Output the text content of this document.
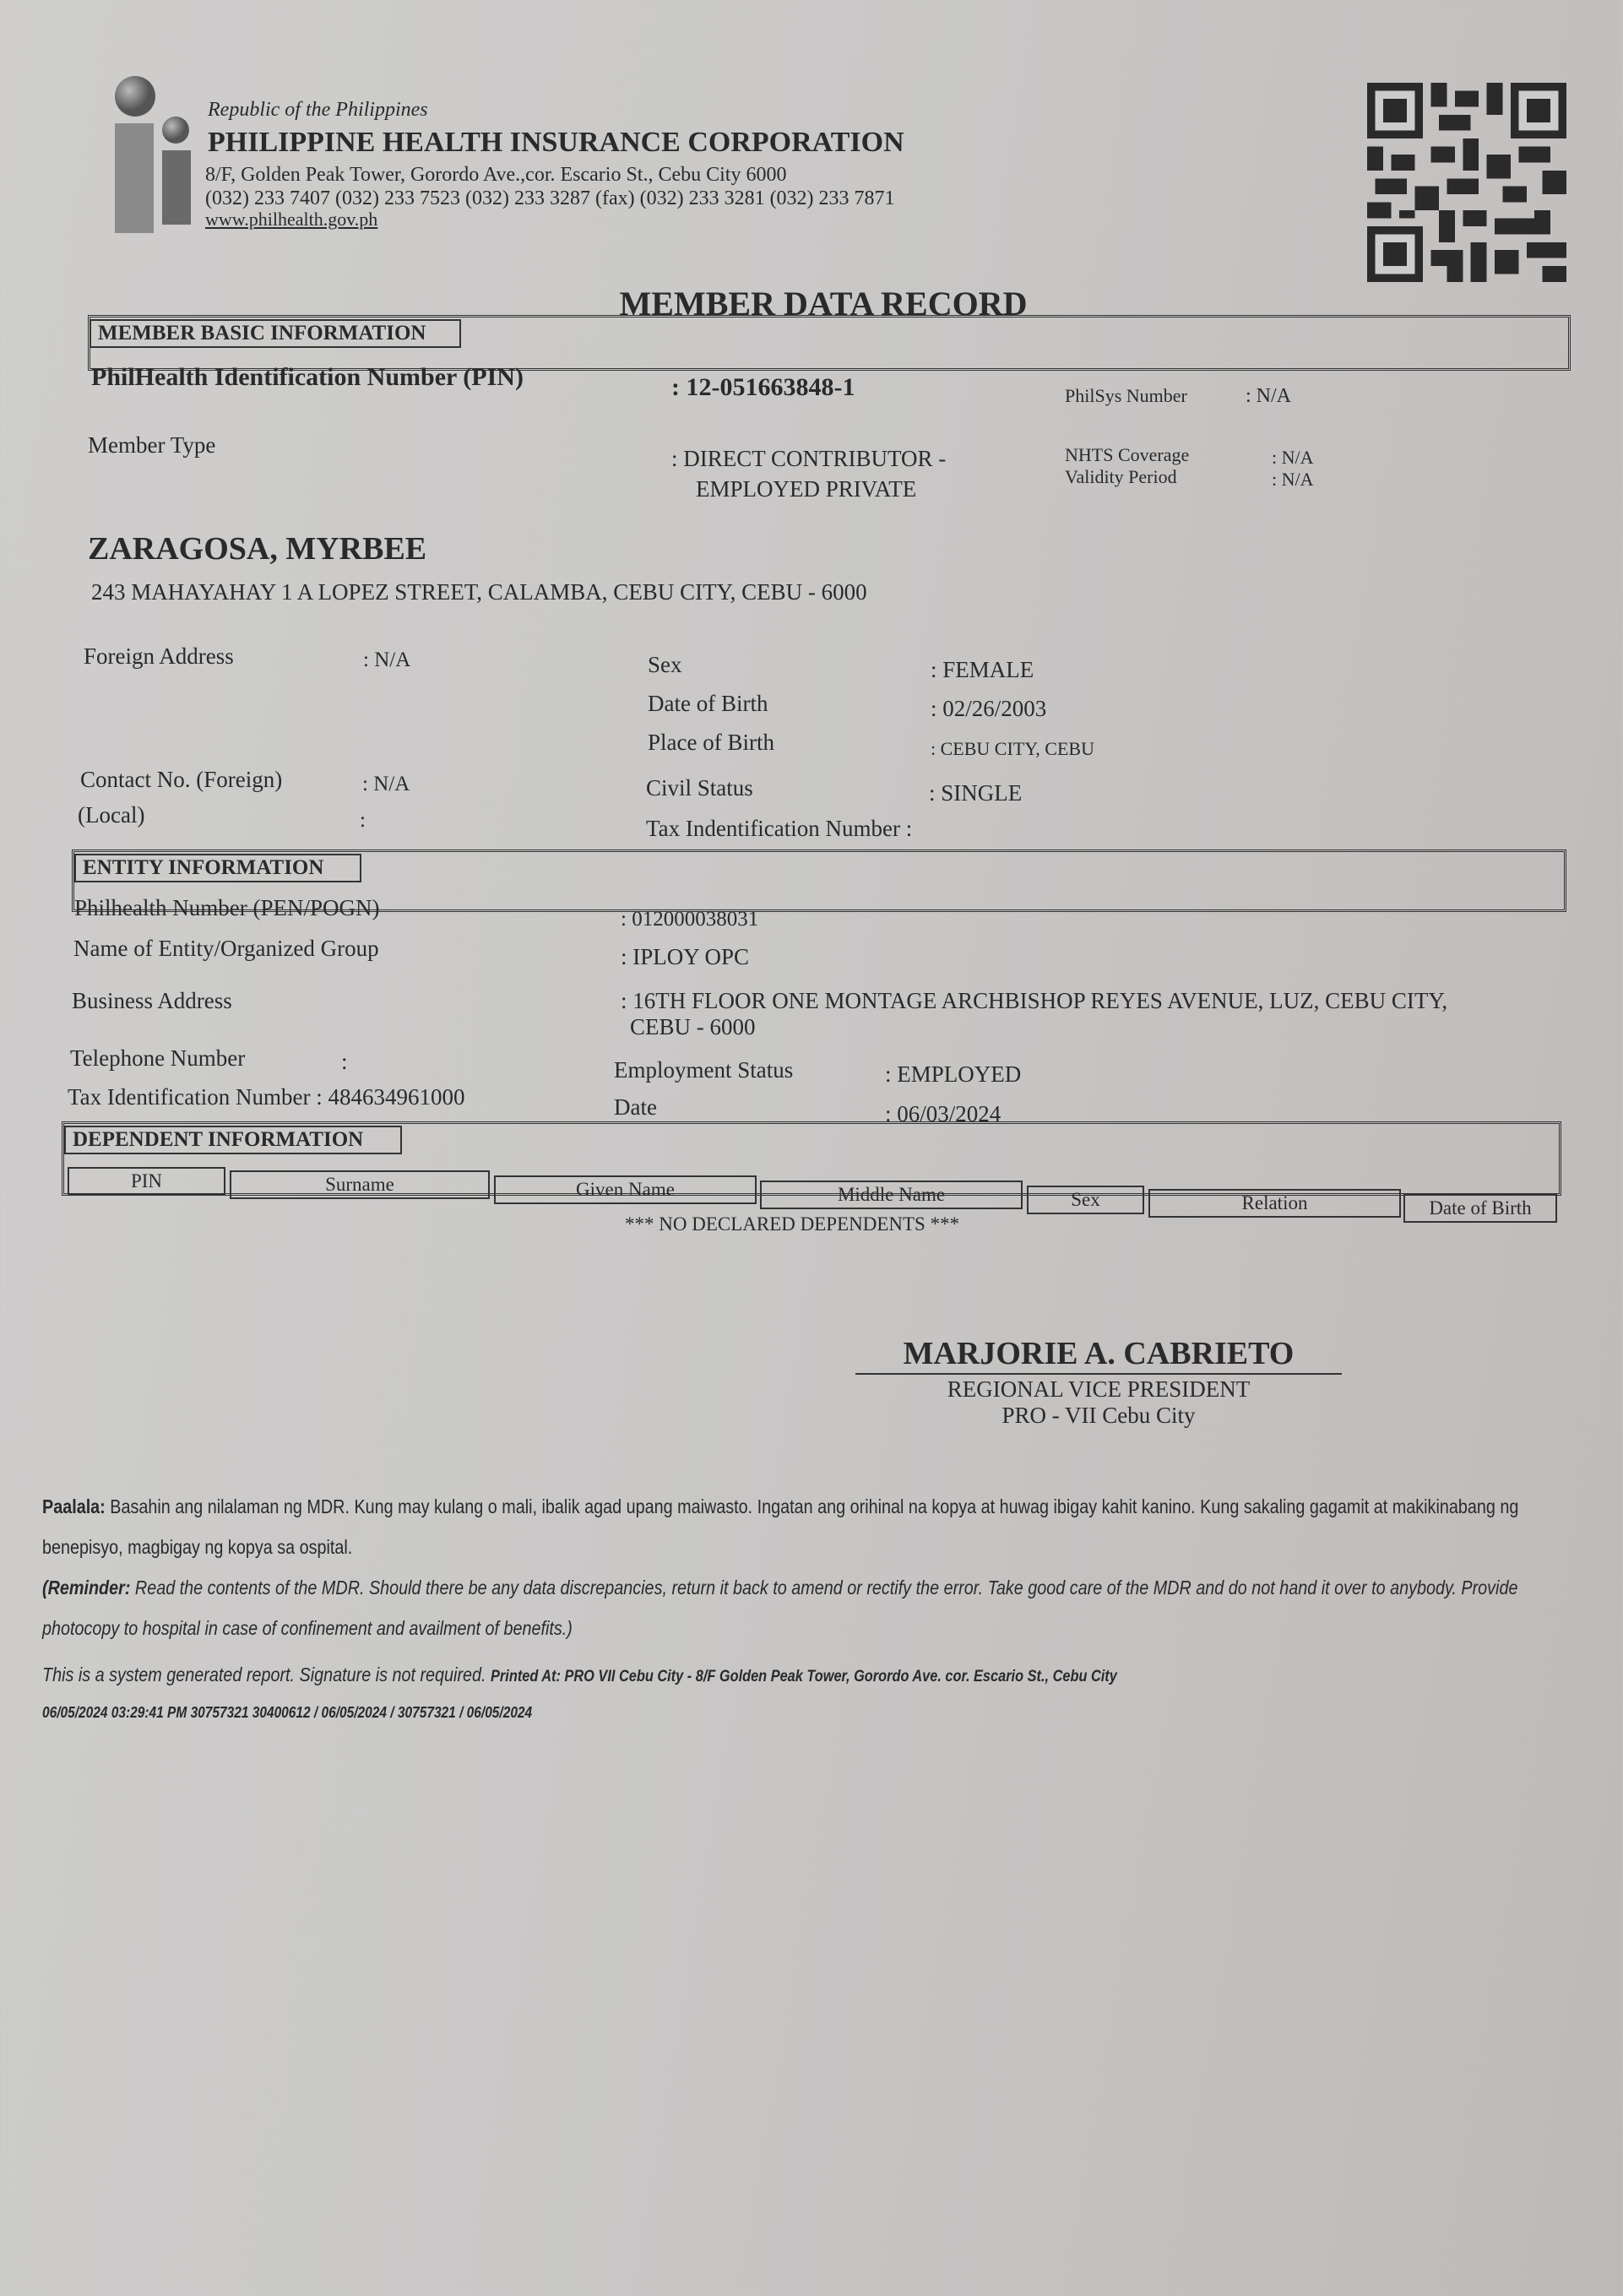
Republic of the Philippines
PHILIPPINE HEALTH INSURANCE CORPORATION
8/F, Golden Peak Tower, Gorordo Ave.,cor. Escario St., Cebu City 6000
(032) 233 7407 (032) 233 7523 (032) 233 3287 (fax) (032) 233 3281 (032) 233 7871
www.philhealth.gov.ph
MEMBER DATA RECORD
MEMBER BASIC INFORMATION
PhilHealth Identification Number (PIN)	: 12-051663848-1	PhilSys Number	: N/A
Member Type
: DIRECT CONTRIBUTOR -
EMPLOYED PRIVATE
NHTS Coverage	: N/A
Validity Period	: N/A
ZARAGOSA, MYRBEE
243 MAHAYAHAY 1 A LOPEZ STREET, CALAMBA, CEBU CITY, CEBU - 6000
Foreign Address	: N/A	Sex	: FEMALE
Date of Birth	: 02/26/2003
Place of Birth	: CEBU CITY, CEBU
Contact No. (Foreign)	: N/A	Civil Status	: SINGLE
(Local)	:	Tax Indentification Number :
ENTITY INFORMATION
Philhealth Number (PEN/POGN)	: 012000038031
Name of Entity/Organized Group	: IPLOY OPC
Business Address	: 16TH FLOOR ONE MONTAGE ARCHBISHOP REYES AVENUE, LUZ, CEBU CITY,
CEBU - 6000
Telephone Number	:	Employment Status	: EMPLOYED
Tax Identification Number : 484634961000	Date	: 06/03/2024
DEPENDENT INFORMATION
PIN	Surname	Given Name	Middle Name	Sex	Relation	Date of Birth
*** NO DECLARED DEPENDENTS ***
MARJORIE A. CABRIETO
REGIONAL VICE PRESIDENT
PRO - VII Cebu City
Paalala: Basahin ang nilalaman ng MDR. Kung may kulang o mali, ibalik agad upang maiwasto. Ingatan ang orihinal na kopya at huwag ibigay kahit kanino. Kung sakaling gagamit at makikinabang ng benepisyo, magbigay ng kopya sa ospital.
(Reminder: Read the contents of the MDR. Should there be any data discrepancies, return it back to amend or rectify the error. Take good care of the MDR and do not hand it over to anybody. Provide photocopy to hospital in case of confinement and availment of benefits.)
This is a system generated report. Signature is not required. Printed At: PRO VII Cebu City - 8/F Golden Peak Tower, Gorordo Ave. cor. Escario St., Cebu City
06/05/2024 03:29:41 PM 30757321 30400612 / 06/05/2024 / 30757321 / 06/05/2024
